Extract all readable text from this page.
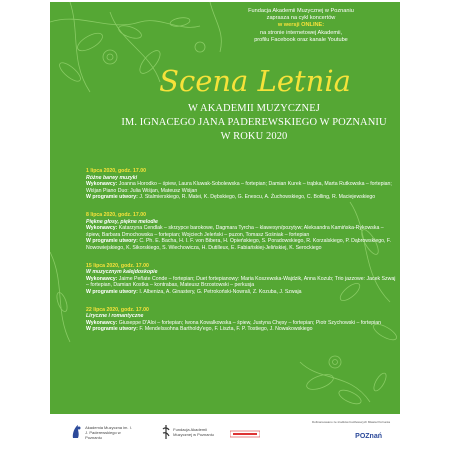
Fundacja Akademii Muzycznej w Poznaniu
zaprasza na cykl koncertów
w wersji ONLINE:
na stronie internetowej Akademii,
profilu Facebook oraz kanale Youtube
Scena Letnia
W AKADEMII MUZYCZNEJ
IM. IGNACEGO JANA PADEREWSKIEGO W POZNANIU
W ROKU 2020
1 lipca 2020, godz. 17.00
Różne barwy muzyki
Wykonawcy: Joanna Horodko – śpiew, Laura Kluwak-Sobolewska – fortepian; Damian Kurek – trąbka, Marta Rutkowska – fortepian; Wiśjan Piano Duo: Julia Wiśjan, Mateusz Wiśjan
W programie utwory: J. Stalmierskiego, R. Matei, K. Dębskiego, G. Enescu, A. Żuchowskiego, C. Bolling, R. Maciejewskiego
8 lipca 2020, godz. 17.00
Piękne głosy, piękne melodie
Wykonawcy: Katarzyna Cendlak – skrzypce barokowe, Dagmara Tyrcha – klawesyn/pozytyw; Aleksandra Kamińska-Rykowska – śpiew, Barbara Dmochowska – fortepian; Wojciech Jeleński – puzon, Tomasz Sośniak – fortepian
W programie utwory: C. Ph. E. Bacha, H. I. F. von Bibera, H. Opieńskiego, S. Poradowskiego, R. Korzalskiego, P. Dąbrowskiego, F. Nowowiejskiego, K. Sikorskiego, S. Wiechowicza, H. Dutilleux, E. Fabiańskiej-Jelińskiej, K. Serockiego
15 lipca 2020, godz. 17.00
W muzycznym kalejdoskopie
Wykonawcy: Jaime Peñate Conde – fortepian; Duet fortepianowy: Maria Koszewska-Wajdzik, Anna Kozub; Trio jazzowe: Jacek Szwaj – fortepian, Damian Kostka – kontrabas, Mateusz Brzostowski – perkusja
W programie utwory: I. Albeniza, A. Ginastery, G. Petrokoński-Nowrali, Z. Kozuba, J. Szwaja
22 lipca 2020, godz. 17.00
Liryczne i romantyczne
Wykonawcy: Giuseppe D'Aloi – fortepian; Iwona Kowalkowska – śpiew, Justyna Chęsy – fortepian; Piotr Szychowski – fortepian
W programie utwory: F. Mendelssohna Bartholdy'ego, F. Liszta, F. P. Tostiego, J. Nowakowskiego
Akademia Muzyczna im. I. J. Paderewskiego w Poznaniu
Fundacja Akademii Muzycznej w Poznaniu
Dofinansowano ze środków budżetowych Miasta Poznania
POZnań
